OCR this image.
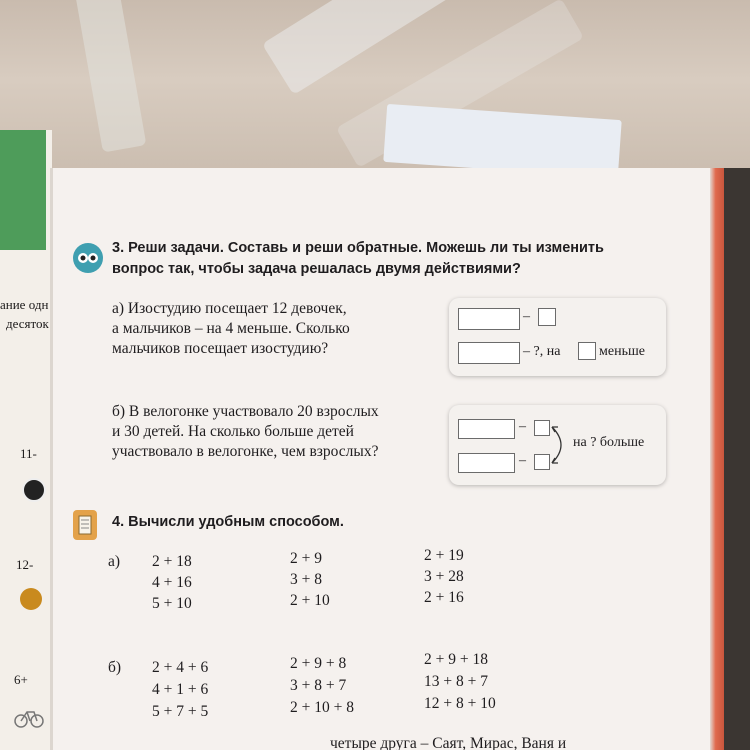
ание одн
десяток
11-
12-
6+
3. Реши задачи. Составь и реши обратные. Можешь ли ты изменить
вопрос так, чтобы задача решалась двумя действиями?
а) Изостудию посещает 12 девочек,
а мальчиков – на 4 меньше. Сколько
мальчиков посещает изостудию?
–
– ?, на	меньше
б) В велогонке участвовало 20 взрослых
и 30 детей. На сколько больше детей
участвовало в велогонке, чем взрослых?
–
–
на ? больше
4. Вычисли удобным способом.
а) 2 + 18
4 + 16
5 + 10
2 + 9
3 + 8
2 + 10
2 + 19
3 + 28
2 + 16
б) 2 + 4 + 6
4 + 1 + 6
5 + 7 + 5
2 + 9 + 8
3 + 8 + 7
2 + 10 + 8
2 + 9 + 18
13 + 8 + 7
12 + 8 + 10
четыре друга – Саят, Мирас, Ваня и
